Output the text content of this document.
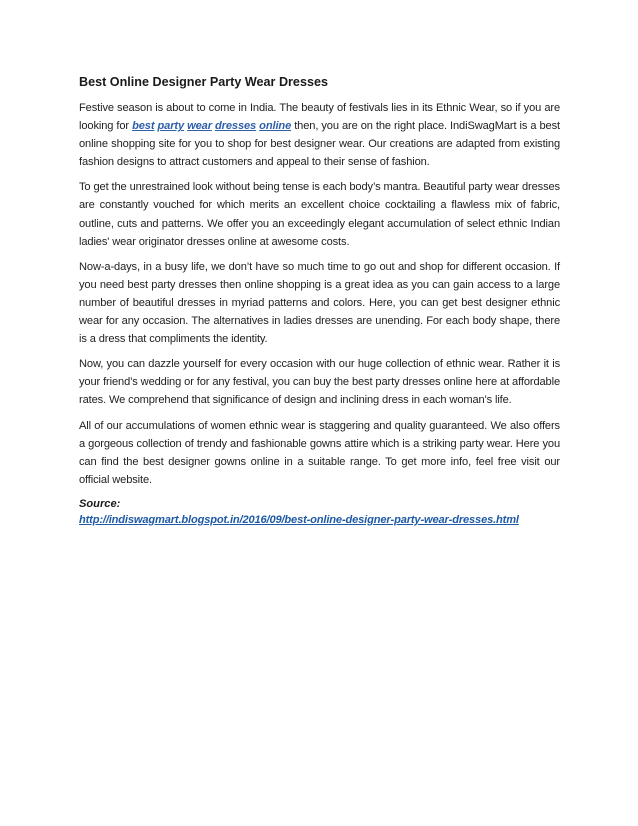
Best Online Designer Party Wear Dresses

Festive season is about to come in India. The beauty of festivals lies in its Ethnic Wear, so if you are looking for best party wear dresses online then, you are on the right place. IndiSwagMart is a best online shopping site for you to shop for best designer wear. Our creations are adapted from existing fashion designs to attract customers and appeal to their sense of fashion.

To get the unrestrained look without being tense is each body’s mantra. Beautiful party wear dresses are constantly vouched for which merits an excellent choice cocktailing a flawless mix of fabric, outline, cuts and patterns. We offer you an exceedingly elegant accumulation of select ethnic Indian ladies' wear originator dresses online at awesome costs.

Now-a-days, in a busy life, we don’t have so much time to go out and shop for different occasion. If you need best party dresses then online shopping is a great idea as you can gain access to a large number of beautiful dresses in myriad patterns and colors. Here, you can get best designer ethnic wear for any occasion. The alternatives in ladies dresses are unending. For each body shape, there is a dress that compliments the identity.

Now, you can dazzle yourself for every occasion with our huge collection of ethnic wear. Rather it is your friend’s wedding or for any festival, you can buy the best party dresses online here at affordable rates. We comprehend that significance of design and inclining dress in each woman's life.

All of our accumulations of women ethnic wear is staggering and quality guaranteed. We also offers a gorgeous collection of trendy and fashionable gowns attire which is a striking party wear. Here you can find the best designer gowns online in a suitable range. To get more info, feel free visit our official website.

Source:
http://indiswagmart.blogspot.in/2016/09/best-online-designer-party-wear-dresses.html
